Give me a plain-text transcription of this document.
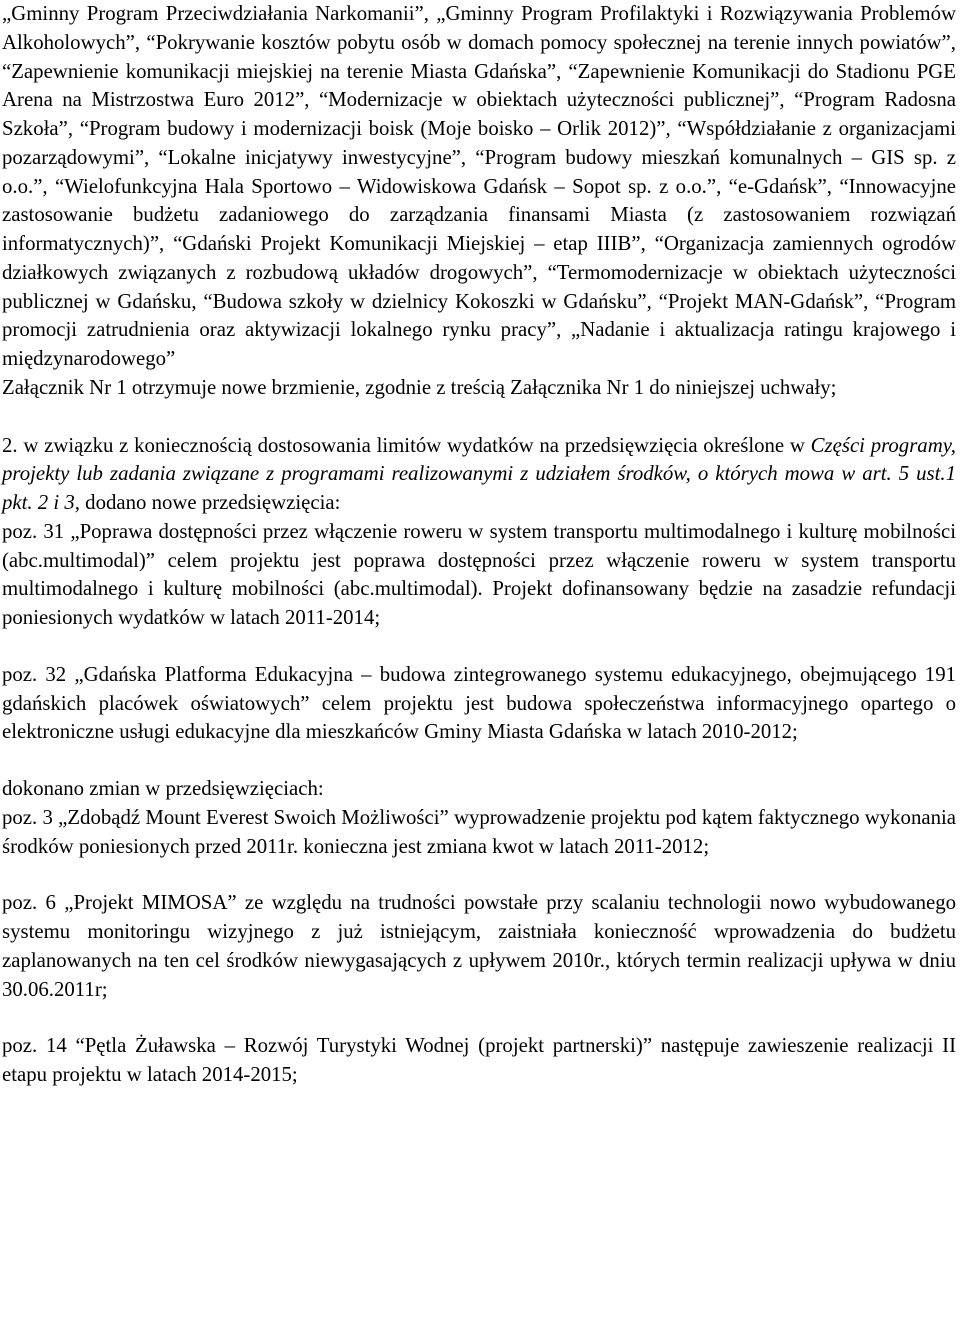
„Gminny Program Przeciwdziałania Narkomanii”, „Gminny Program Profilaktyki i Rozwiązywania Problemów Alkoholowych”, “Pokrywanie kosztów pobytu osób w domach pomocy społecznej na terenie innych powiatów”, “Zapewnienie komunikacji miejskiej na terenie Miasta Gdańska”, “Zapewnienie Komunikacji do Stadionu PGE Arena na Mistrzostwa Euro 2012”, “Modernizacje w obiektach użyteczności publicznej”, “Program Radosna Szkoła”, “Program budowy i modernizacji boisk (Moje boisko – Orlik 2012)”, “Współdziałanie z organizacjami pozarządowymi”, “Lokalne inicjatywy inwestycyjne”, “Program budowy mieszkań komunalnych – GIS sp. z o.o.”, “Wielofunkcyjna Hala Sportowo – Widowiskowa Gdańsk – Sopot sp. z o.o.”, “e-Gdańsk”, “Innowacyjne zastosowanie budżetu zadaniowego do zarządzania finansami Miasta (z zastosowaniem rozwiązań informatycznych)”, “Gdański Projekt Komunikacji Miejskiej – etap IIIB”, “Organizacja zamiennych ogrodów działkowych związanych z rozbudową układów drogowych”, “Termomodernizacje w obiektach użyteczności publicznej w Gdańsku, “Budowa szkoły w dzielnicy Kokoszki w Gdańsku”, “Projekt MAN-Gdańsk”, “Program promocji zatrudnienia oraz aktywizacji lokalnego rynku pracy”, „Nadanie i aktualizacja ratingu krajowego i międzynarodowego”

Załącznik Nr 1 otrzymuje nowe brzmienie, zgodnie z treścią Załącznika Nr 1 do niniejszej uchwały;

2. w związku z koniecznością dostosowania limitów wydatków na przedsięwzięcia określone w Części programy, projekty lub zadania związane z programami realizowanymi z udziałem środków, o których mowa w art. 5 ust.1 pkt. 2 i 3, dodano nowe przedsięwzięcia:

poz. 31 „Poprawa dostępności przez włączenie roweru w system transportu multimodalnego i kulturę mobilności (abc.multimodal)” celem projektu jest poprawa dostępności przez włączenie roweru w system transportu multimodalnego i kulturę mobilności (abc.multimodal). Projekt dofinansowany będzie na zasadzie refundacji poniesionych wydatków w latach 2011-2014;

poz. 32 „Gdańska Platforma Edukacyjna – budowa zintegrowanego systemu edukacyjnego, obejmującego 191 gdańskich placówek oświatowych” celem projektu jest budowa społeczeństwa informacyjnego opartego o elektroniczne usługi edukacyjne dla mieszkańców Gminy Miasta Gdańska w latach 2010-2012;

dokonano zmian w przedsięwzięciach:

poz. 3 „Zdobądź Mount Everest Swoich Możliwości” wyprowadzenie projektu pod kątem faktycznego wykonania środków poniesionych przed 2011r. konieczna jest zmiana kwot w latach 2011-2012;

poz. 6 „Projekt MIMOSA” ze względu na trudności powstałe przy scalaniu technologii nowo wybudowanego systemu monitoringu wizyjnego z już istniejącym, zaistniała konieczność wprowadzenia do budżetu zaplanowanych na ten cel środków niewygasających z upływem 2010r., których termin realizacji upływa w dniu 30.06.2011r;

poz. 14 “Pętla Żuławska – Rozwój Turystyki Wodnej (projekt partnerski)” następuje zawieszenie realizacji II etapu projektu w latach 2014-2015;
